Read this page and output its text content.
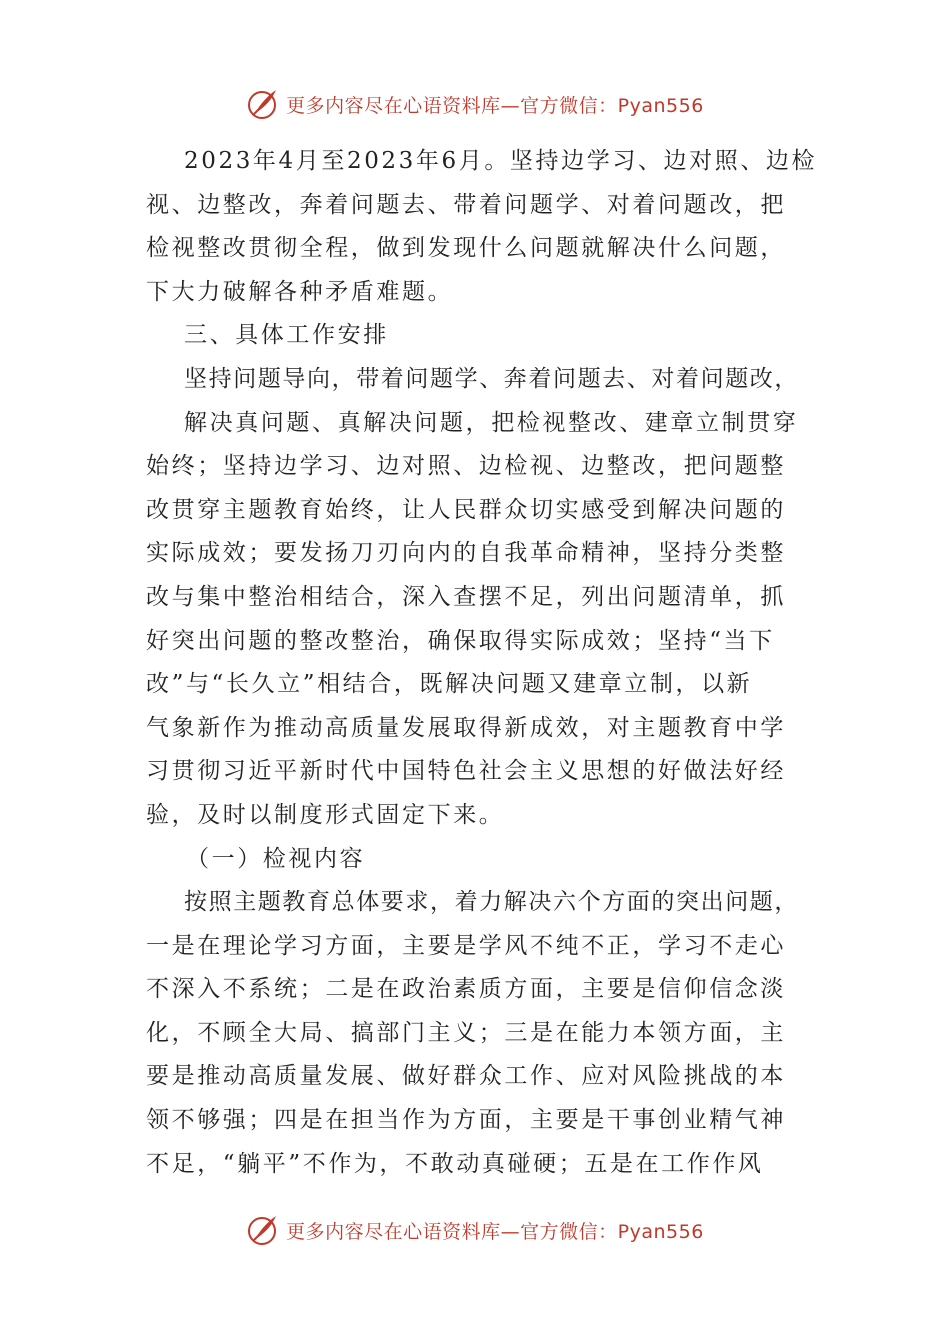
更多内容尽在心语资料库—官方微信：Pyan556
2023年4月至2023年6月。坚持边学习、边对照、边检
视、边整改，奔着问题去、带着问题学、对着问题改，把
检视整改贯彻全程，做到发现什么问题就解决什么问题，
下大力破解各种矛盾难题。
三、具体工作安排
坚持问题导向，带着问题学、奔着问题去、对着问题改，
解决真问题、真解决问题，把检视整改、建章立制贯穿
始终；坚持边学习、边对照、边检视、边整改，把问题整
改贯穿主题教育始终，让人民群众切实感受到解决问题的
实际成效；要发扬刀刃向内的自我革命精神，坚持分类整
改与集中整治相结合，深入查摆不足，列出问题清单，抓
好突出问题的整改整治，确保取得实际成效；坚持“当下
改”与“长久立”相结合，既解决问题又建章立制，以新
气象新作为推动高质量发展取得新成效，对主题教育中学
习贯彻习近平新时代中国特色社会主义思想的好做法好经
验，及时以制度形式固定下来。
（一）检视内容
按照主题教育总体要求，着力解决六个方面的突出问题，
一是在理论学习方面，主要是学风不纯不正，学习不走心
不深入不系统；二是在政治素质方面，主要是信仰信念淡
化，不顾全大局、搞部门主义；三是在能力本领方面，主
要是推动高质量发展、做好群众工作、应对风险挑战的本
领不够强；四是在担当作为方面，主要是干事创业精气神
不足，“躺平”不作为，不敢动真碰硬；五是在工作作风
更多内容尽在心语资料库—官方微信：Pyan556
